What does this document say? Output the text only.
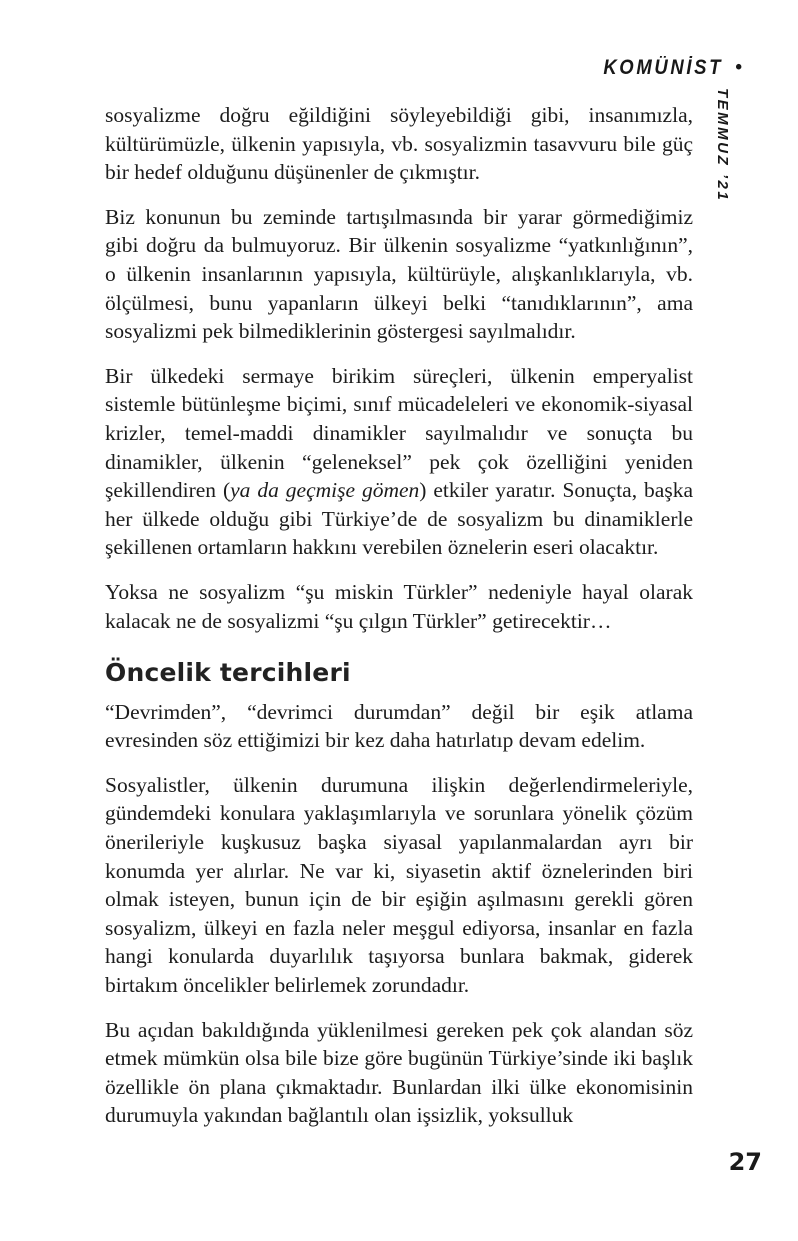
KOMÜNİST •
TEMMUZ ’21

sosyalizme doğru eğildiğini söyleyebildiği gibi, insanımızla, kültürümüzle, ülkenin yapısıyla, vb. sosyalizmin tasavvuru bile güç bir hedef olduğunu düşünenler de çıkmıştır.

Biz konunun bu zeminde tartışılmasında bir yarar görmediğimiz gibi doğru da bulmuyoruz. Bir ülkenin sosyalizme “yatkınlığının”, o ülkenin insanlarının yapısıyla, kültürüyle, alışkanlıklarıyla, vb. ölçülmesi, bunu yapanların ülkeyi belki “tanıdıklarının”, ama sosyalizmi pek bilmediklerinin göstergesi sayılmalıdır.

Bir ülkedeki sermaye birikim süreçleri, ülkenin emperyalist sistemle bütünleşme biçimi, sınıf mücadeleleri ve ekonomik-siyasal krizler, temel-maddi dinamikler sayılmalıdır ve sonuçta bu dinamikler, ülkenin “geleneksel” pek çok özelliğini yeniden şekillendiren (ya da geçmişe gömen) etkiler yaratır. Sonuçta, başka her ülkede olduğu gibi Türkiye’de de sosyalizm bu dinamiklerle şekillenen ortamların hakkını verebilen öznelerin eseri olacaktır.

Yoksa ne sosyalizm “şu miskin Türkler” nedeniyle hayal olarak kalacak ne de sosyalizmi “şu çılgın Türkler” getirecektir…

Öncelik tercihleri

“Devrimden”, “devrimci durumdan” değil bir eşik atlama evresinden söz ettiğimizi bir kez daha hatırlatıp devam edelim.

Sosyalistler, ülkenin durumuna ilişkin değerlendirmeleriyle, gündemdeki konulara yaklaşımlarıyla ve sorunlara yönelik çözüm önerileriyle kuşkusuz başka siyasal yapılanmalardan ayrı bir konumda yer alırlar. Ne var ki, siyasetin aktif öznelerinden biri olmak isteyen, bunun için de bir eşiğin aşılmasını gerekli gören sosyalizm, ülkeyi en fazla neler meşgul ediyorsa, insanlar en fazla hangi konularda duyarlılık taşıyorsa bunlara bakmak, giderek birtakım öncelikler belirlemek zorundadır.

Bu açıdan bakıldığında yüklenilmesi gereken pek çok alandan söz etmek mümkün olsa bile bize göre bugünün Türkiye’sinde iki başlık özellikle ön plana çıkmaktadır. Bunlardan ilki ülke ekonomisinin durumuyla yakından bağlantılı olan işsizlik, yoksulluk

27
